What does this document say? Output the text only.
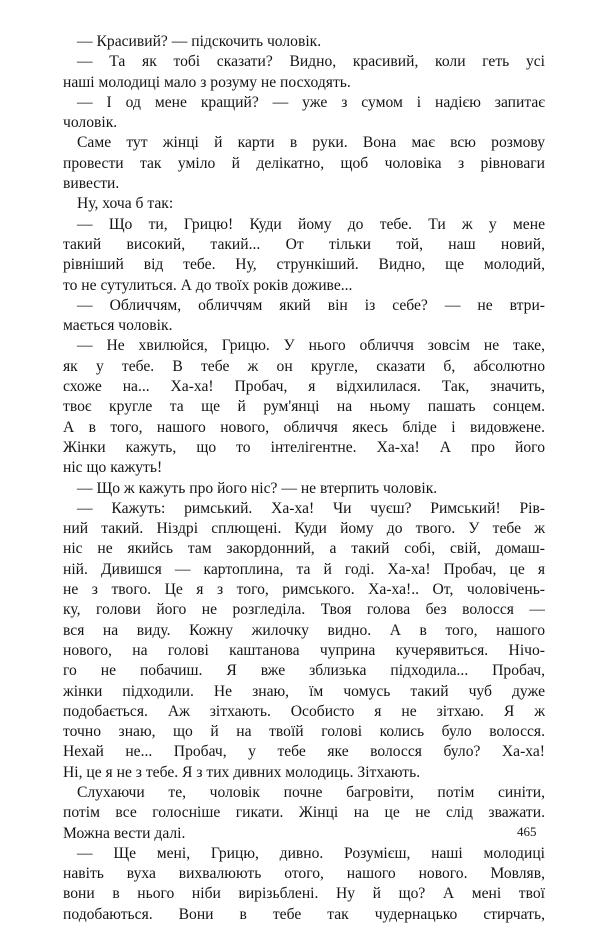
— Красивий? — підскочить чоловік.
— Та як тобі сказати? Видно, красивий, коли геть усі
наші молодиці мало з розуму не посходять.
— І од мене кращий? — уже з сумом і надією запитає
чоловік.
Саме тут жінці й карти в руки. Вона має всю розмову
провести так уміло й делікатно, щоб чоловіка з рівноваги
вивести.
Ну, хоча б так:
— Що ти, Грицю! Куди йому до тебе. Ти ж у мене
такий високий, такий... От тільки той, наш новий,
рівніший від тебе. Ну, стрункіший. Видно, ще молодий,
то не сутулиться. А до твоїх років доживе...
— Обличчям, обличчям який він із себе? — не втри-
мається чоловік.
— Не хвилюйся, Грицю. У нього обличчя зовсім не таке,
як у тебе. В тебе ж он кругле, сказати б, абсолютно
схоже на... Ха-ха! Пробач, я відхилилася. Так, значить,
твоє кругле та ще й рум'янці на ньому пашать сонцем.
А в того, нашого нового, обличчя якесь бліде і видовжене.
Жінки кажуть, що то інтелігентне. Ха-ха! А про його
ніс що кажуть!
— Що ж кажуть про його ніс? — не втерпить чоловік.
— Кажуть: римський. Ха-ха! Чи чуєш? Римський! Рів-
ний такий. Ніздрі сплющені. Куди йому до твого. У тебе ж
ніс не якийсь там закордонний, а такий собі, свій, домаш-
ній. Дивишся — картоплина, та й годі. Ха-ха! Пробач, це я
не з твого. Це я з того, римського. Ха-ха!.. От, чоловічень-
ку, голови його не розгледіла. Твоя голова без волосся —
вся на виду. Кожну жилочку видно. А в того, нашого
нового, на голові каштанова чуприна кучерявиться. Нічо-
го не побачиш. Я вже зблизька підходила... Пробач,
жінки підходили. Не знаю, їм чомусь такий чуб дуже
подобається. Аж зітхають. Особисто я не зітхаю. Я ж
точно знаю, що й на твоїй голові колись було волосся.
Нехай не... Пробач, у тебе яке волосся було? Ха-ха!
Ні, це я не з тебе. Я з тих дивних молодиць. Зітхають.
Слухаючи те, чоловік почне багровіти, потім синіти,
потім все голосніше гикати. Жінці на це не слід зважати.
Можна вести далі.
— Ще мені, Грицю, дивно. Розумієш, наші молодиці
навіть вуха вихвалюють отого, нашого нового. Мовляв,
вони в нього ніби вирізьблені. Ну й що? А мені твої
подобаються. Вони в тебе так чудернацько стирчать,
465
